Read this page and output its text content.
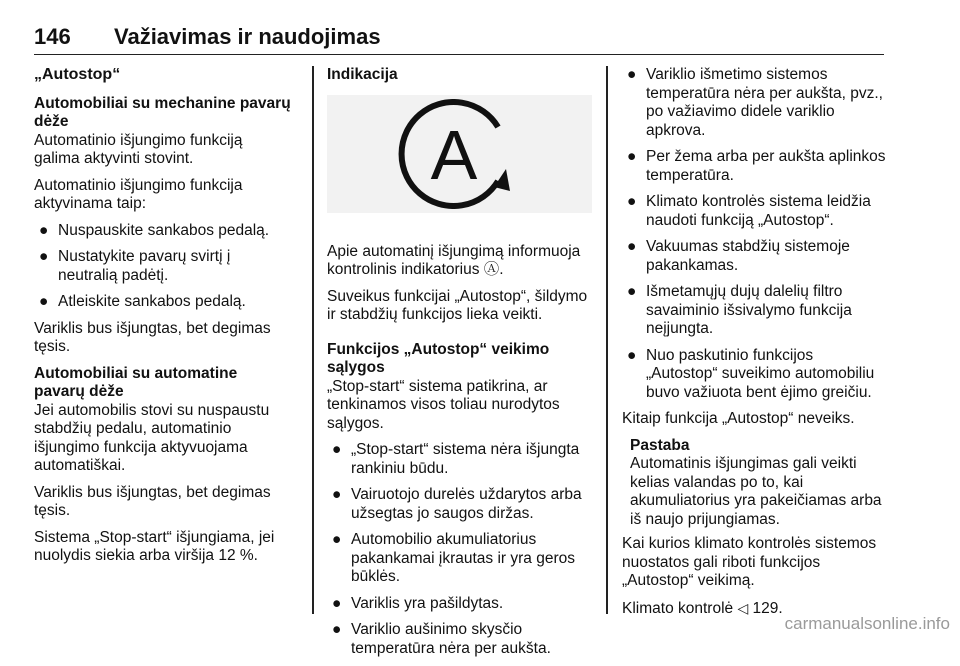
146 Važiavimas ir naudojimas
„Autostop“
Automobiliai su mechanine pavarų dėže

Automatinio išjungimo funkciją galima aktyvinti stovint.

Automatinio išjungimo funkcija aktyvinama taip:

● Nuspauskite sankabos pedalą.
● Nustatykite pavarų svirtį į neutralią padėtį.
● Atleiskite sankabos pedalą.

Variklis bus išjungtas, bet degimas tęsis.

Automobiliai su automatine pavarų dėže

Jei automobilis stovi su nuspaustu stabdžių pedalu, automatinio išjungimo funkcija aktyvuojama automatiškai.

Variklis bus išjungtas, bet degimas tęsis.

Sistema „Stop-start“ išjungiama, jei nuolydis siekia arba viršija 12 %.

Indikacija
A

Apie automatinį išjungimą informuoja kontrolinis indikatorius Ⓐ.

Suveikus funkcijai „Autostop“, šildymo ir stabdžių funkcijos lieka veikti.

Funkcijos „Autostop“ veikimo sąlygos

„Stop-start“ sistema patikrina, ar tenkinamos visos toliau nurodytos sąlygos.

● „Stop-start“ sistema nėra išjungta rankiniu būdu.
● Vairuotojo durelės uždarytos arba užsegtas jo saugos diržas.
● Automobilio akumuliatorius pakankamai įkrautas ir yra geros būklės.
● Variklis yra pašildytas.
● Variklio aušinimo skysčio temperatūra nėra per aukšta.
● Variklio išmetimo sistemos temperatūra nėra per aukšta, pvz., po važiavimo didele variklio apkrova.
● Per žema arba per aukšta aplinkos temperatūra.
● Klimato kontrolės sistema leidžia naudoti funkciją „Autostop“.
● Vakuumas stabdžių sistemoje pakankamas.
● Išmetamųjų dujų dalelių filtro savaiminio išsivalymo funkcija neįjungta.
● Nuo paskutinio funkcijos „Autostop“ suveikimo automobiliu buvo važiuota bent ėjimo greičiu.

Kitaip funkcija „Autostop“ neveiks.

Pastaba
Automatinis išjungimas gali veikti kelias valandas po to, kai akumuliatorius yra pakeičiamas arba iš naujo prijungiamas.

Kai kurios klimato kontrolės sistemos nuostatos gali riboti funkcijos „Autostop“ veikimą.

Klimato kontrolė ◁ 129.

carmanualsonline.info
